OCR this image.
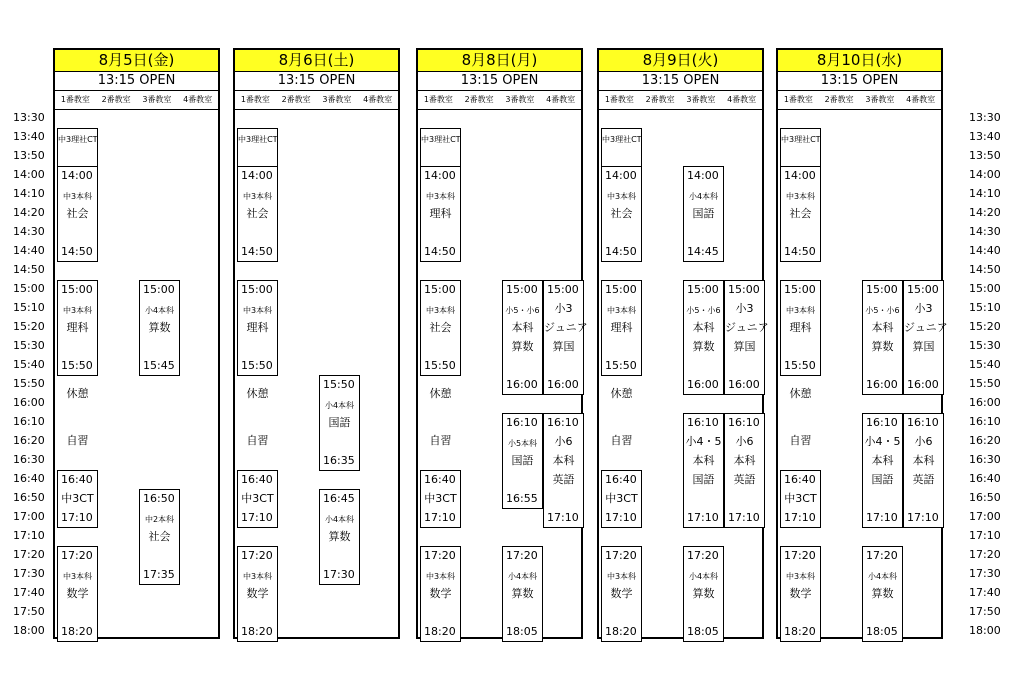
13:30
13:40
13:50
14:00
14:10
14:20
14:30
14:40
14:50
15:00
15:10
15:20
15:30
15:40
15:50
16:00
16:10
16:20
16:30
16:40
16:50
17:00
17:10
17:20
17:30
17:40
17:50
18:00
13:30
13:40
13:50
14:00
14:10
14:20
14:30
14:40
14:50
15:00
15:10
15:20
15:30
15:40
15:50
16:00
16:10
16:20
16:30
16:40
16:50
17:00
17:10
17:20
17:30
17:40
17:50
18:00
8月5日(金)
13:15 OPEN
1番教室 2番教室 3番教室 4番教室
中3理社CT
14:00
中3本科
社会
14:50
15:00
中3本科
理科
15:50
15:00
小4本科
算数
15:45
休憩
自習
16:40
中3CT
17:10
16:50
中2本科
社会
17:35
17:20
中3本科
数学
18:20
8月6日(土)
13:15 OPEN
1番教室 2番教室 3番教室 4番教室
中3理社CT
14:00
中3本科
社会
14:50
15:00
中3本科
理科
15:50
15:50
小4本科
国語
16:35
休憩
自習
16:40
中3CT
17:10
16:45
小4本科
算数
17:30
17:20
中3本科
数学
18:20
8月8日(月)
13:15 OPEN
1番教室 2番教室 3番教室 4番教室
中3理社CT
14:00
中3本科
理科
14:50
15:00
中3本科
社会
15:50
15:00
小5・小6
本科
算数
16:00
15:00
小3
ジュニア
算国
16:00
休憩
自習
16:10
小5本科
国語
16:55
16:10
小6
本科
英語
17:10
16:40
中3CT
17:10
17:20
中3本科
数学
18:20
17:20
小4本科
算数
18:05
8月9日(火)
13:15 OPEN
1番教室 2番教室 3番教室 4番教室
中3理社CT
14:00
中3本科
社会
14:50
14:00
小4本科
国語
14:45
15:00
中3本科
理科
15:50
15:00
小5・小6
本科
算数
16:00
15:00
小3
ジュニア
算国
16:00
休憩
自習
16:10
小4・5
本科
国語
17:10
16:10
小6
本科
英語
17:10
16:40
中3CT
17:10
17:20
中3本科
数学
18:20
17:20
小4本科
算数
18:05
8月10日(水)
13:15 OPEN
1番教室 2番教室 3番教室 4番教室
中3理社CT
14:00
中3本科
社会
14:50
15:00
中3本科
理科
15:50
15:00
小5・小6
本科
算数
16:00
15:00
小3
ジュニア
算国
16:00
休憩
自習
16:10
小4・5
本科
国語
17:10
16:10
小6
本科
英語
17:10
16:40
中3CT
17:10
17:20
中3本科
数学
18:20
17:20
小4本科
算数
18:05
